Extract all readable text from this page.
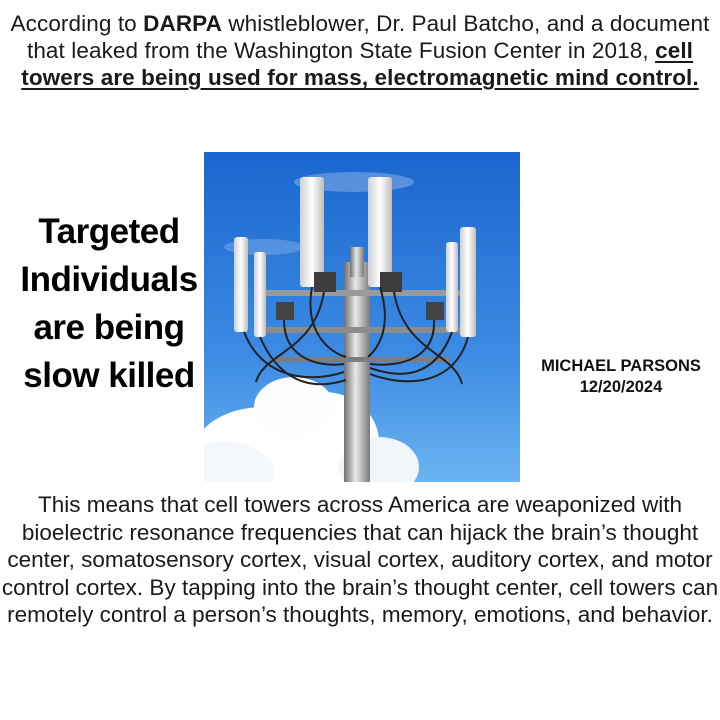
According to DARPA whistleblower, Dr. Paul Batcho, and a document that leaked from the Washington State Fusion Center in 2018, cell towers are being used for mass, electromagnetic mind control.
Targeted
Individuals
are being
slow killed	MICHAEL PARSONS
12/20/2024
This means that cell towers across America are weaponized with bioelectric resonance frequencies that can hijack the brain’s thought center, somatosensory cortex, visual cortex, auditory cortex, and motor control cortex. By tapping into the brain’s thought center, cell towers can remotely control a person’s thoughts, memory, emotions, and behavior.
